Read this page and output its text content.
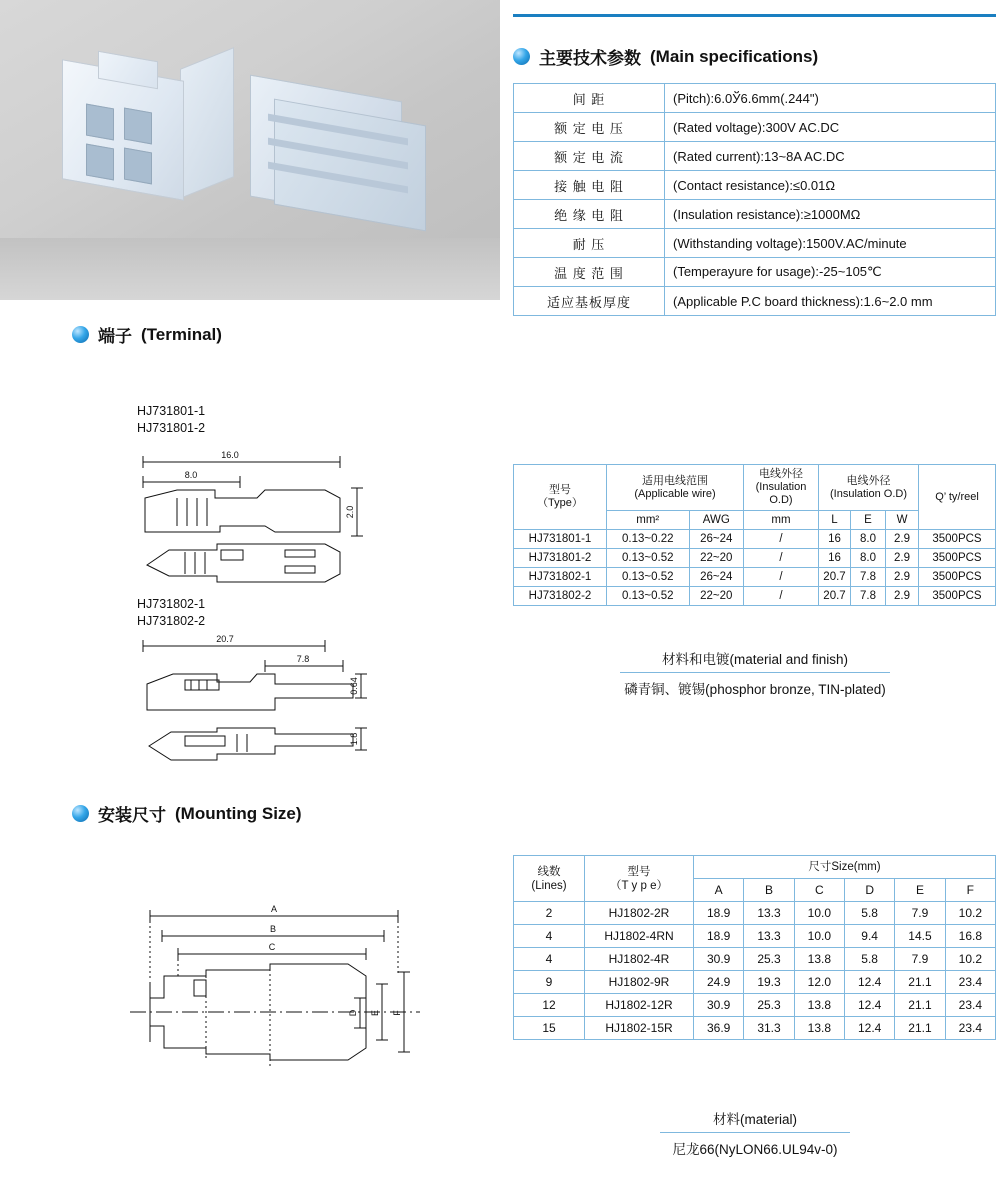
主要技术参数 (Main specifications)
间 距	(Pitch):6.0Ў6.6mm(.244")
额 定 电 压	(Rated voltage):300V AC.DC
额 定 电 流	(Rated current):13~8A AC.DC
接 触 电 阻	(Contact resistance):≤0.01Ω
绝 缘 电 阻	(Insulation resistance):≥1000MΩ
耐 压	(Withstanding voltage):1500V.AC/minute
温 度 范 围	(Temperayure for usage):-25~105℃
适应基板厚度	(Applicable P.C board thickness):1.6~2.0 mm
端子 (Terminal)
HJ731801-1
HJ731801-2
16.0
8.0
2.0
HJ731802-1
HJ731802-2
20.7
7.8
0.64
1.8
型号
（Type）

适用电线范围
(Applicable wire)

电线外径
(Insulation O.D)

电线外径
(Insulation O.D)	Q’ ty/reel
	mm²	AWG	mm	L	E	W	
HJ731801-1	0.13~0.22	26~24	/	16	8.0	2.9	3500PCS
HJ731801-2	0.13~0.52	22~20	/	16	8.0	2.9	3500PCS
HJ731802-1	0.13~0.52	26~24	/	20.7	7.8	2.9	3500PCS
HJ731802-2	0.13~0.52	22~20	/	20.7	7.8	2.9	3500PCS
材料和电镀(material and finish)
磷青铜、镀锡(phosphor bronze, TIN-plated)
安装尺寸 (Mounting Size)
A
B
C
D E F
线数
(Lines)

型号
（T y p e）
	尺寸Size(mm)
		A	B	C	D	E	F
2	HJ1802-2R	18.9	13.3	10.0	5.8	7.9	10.2
4	HJ1802-4RN	18.9	13.3	10.0	9.4	14.5	16.8
4	HJ1802-4R	30.9	25.3	13.8	5.8	7.9	10.2
9	HJ1802-9R	24.9	19.3	12.0	12.4	21.1	23.4
12	HJ1802-12R	30.9	25.3	13.8	12.4	21.1	23.4
15	HJ1802-15R	36.9	31.3	13.8	12.4	21.1	23.4
材料(material)
尼龙66(NyLON66.UL94v-0)
